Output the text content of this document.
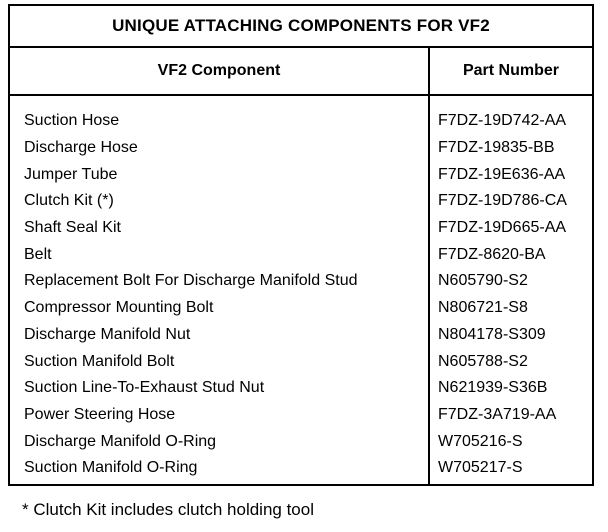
UNIQUE ATTACHING COMPONENTS FOR VF2
VF2 Component	Part Number
Suction Hose	F7DZ-19D742-AA
Discharge Hose	F7DZ-19835-BB
Jumper Tube	F7DZ-19E636-AA
Clutch Kit (*)	F7DZ-19D786-CA
Shaft Seal Kit	F7DZ-19D665-AA
Belt	F7DZ-8620-BA
Replacement Bolt For Discharge Manifold Stud	N605790-S2
Compressor Mounting Bolt	N806721-S8
Discharge Manifold Nut	N804178-S309
Suction Manifold Bolt	N605788-S2
Suction Line-To-Exhaust Stud Nut	N621939-S36B
Power Steering Hose	F7DZ-3A719-AA
Discharge Manifold O-Ring	W705216-S
Suction Manifold O-Ring	W705217-S
* Clutch Kit includes clutch holding tool
